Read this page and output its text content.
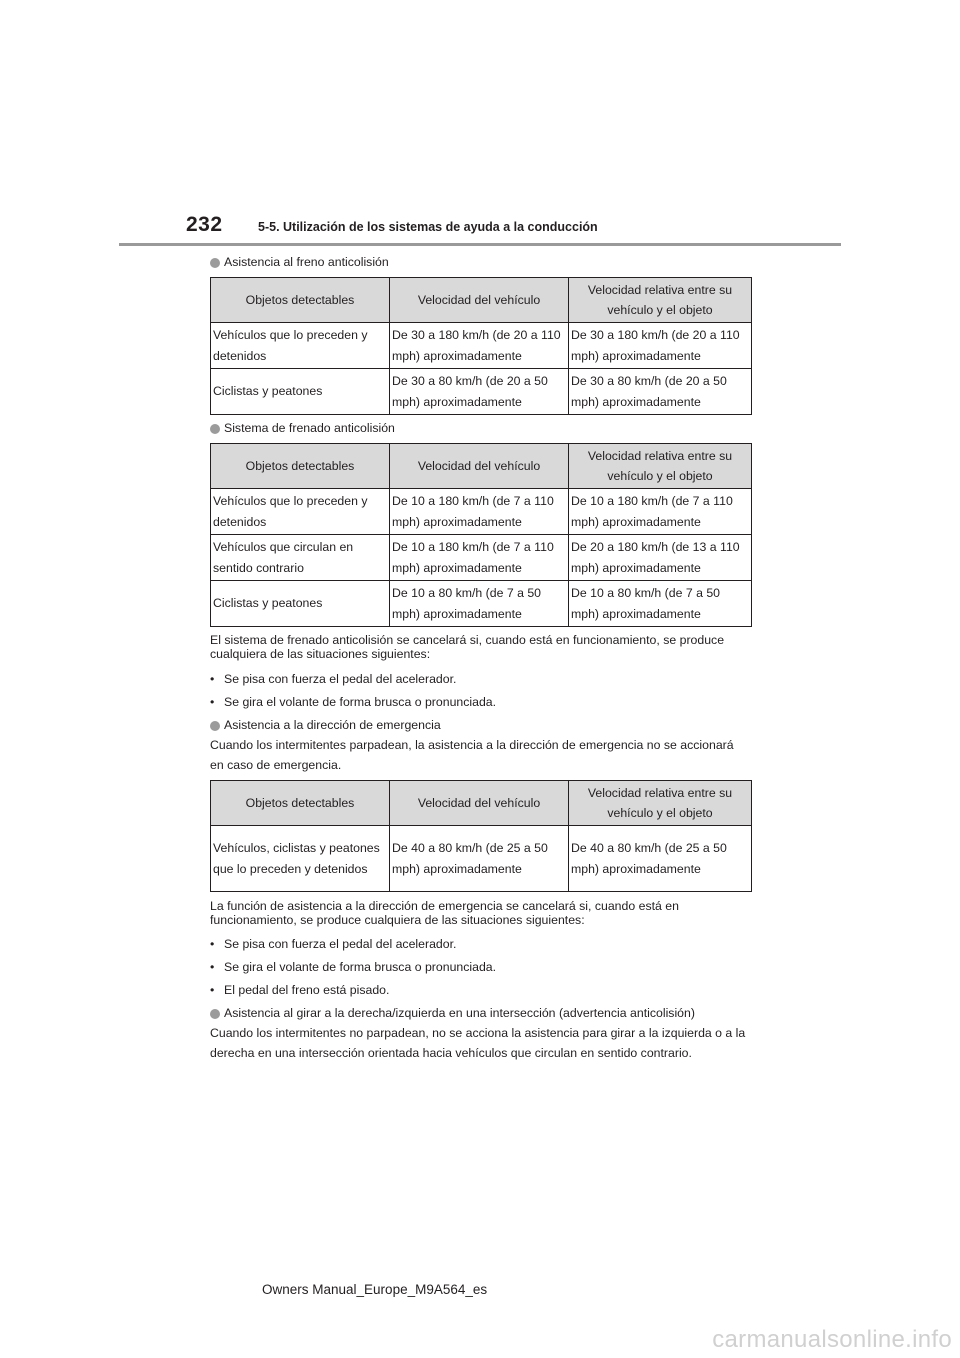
232	5-5. Utilización de los sistemas de ayuda a la conducción
Asistencia al freno anticolisión
Objetos detectables	Velocidad del vehículo	Velocidad relativa entre su vehículo y el objeto
Vehículos que lo preceden y detenidos	De 30 a 180 km/h (de 20 a 110 mph) aproximadamente	De 30 a 180 km/h (de 20 a 110 mph) aproximadamente
Ciclistas y peatones	De 30 a 80 km/h (de 20 a 50 mph) aproximadamente	De 30 a 80 km/h (de 20 a 50 mph) aproximadamente
Sistema de frenado anticolisión
Objetos detectables	Velocidad del vehículo	Velocidad relativa entre su vehículo y el objeto
Vehículos que lo preceden y detenidos	De 10 a 180 km/h (de 7 a 110 mph) aproximadamente	De 10 a 180 km/h (de 7 a 110 mph) aproximadamente
Vehículos que circulan en sentido contrario	De 10 a 180 km/h (de 7 a 110 mph) aproximadamente	De 20 a 180 km/h (de 13 a 110 mph) aproximadamente
Ciclistas y peatones	De 10 a 80 km/h (de 7 a 50 mph) aproximadamente	De 10 a 80 km/h (de 7 a 50 mph) aproximadamente
El sistema de frenado anticolisión se cancelará si, cuando está en funcionamiento, se produce cualquiera de las situaciones siguientes:
• Se pisa con fuerza el pedal del acelerador.
• Se gira el volante de forma brusca o pronunciada.
Asistencia a la dirección de emergencia
Cuando los intermitentes parpadean, la asistencia a la dirección de emergencia no se accionará en caso de emergencia.
Objetos detectables	Velocidad del vehículo	Velocidad relativa entre su vehículo y el objeto
Vehículos, ciclistas y peatones que lo preceden y detenidos	De 40 a 80 km/h (de 25 a 50 mph) aproximadamente	De 40 a 80 km/h (de 25 a 50 mph) aproximadamente
La función de asistencia a la dirección de emergencia se cancelará si, cuando está en funcionamiento, se produce cualquiera de las situaciones siguientes:
• Se pisa con fuerza el pedal del acelerador.
• Se gira el volante de forma brusca o pronunciada.
• El pedal del freno está pisado.
Asistencia al girar a la derecha/izquierda en una intersección (advertencia anticolisión)
Cuando los intermitentes no parpadean, no se acciona la asistencia para girar a la izquierda o a la derecha en una intersección orientada hacia vehículos que circulan en sentido contrario.
Owners Manual_Europe_M9A564_es
carmanualsonline.info
